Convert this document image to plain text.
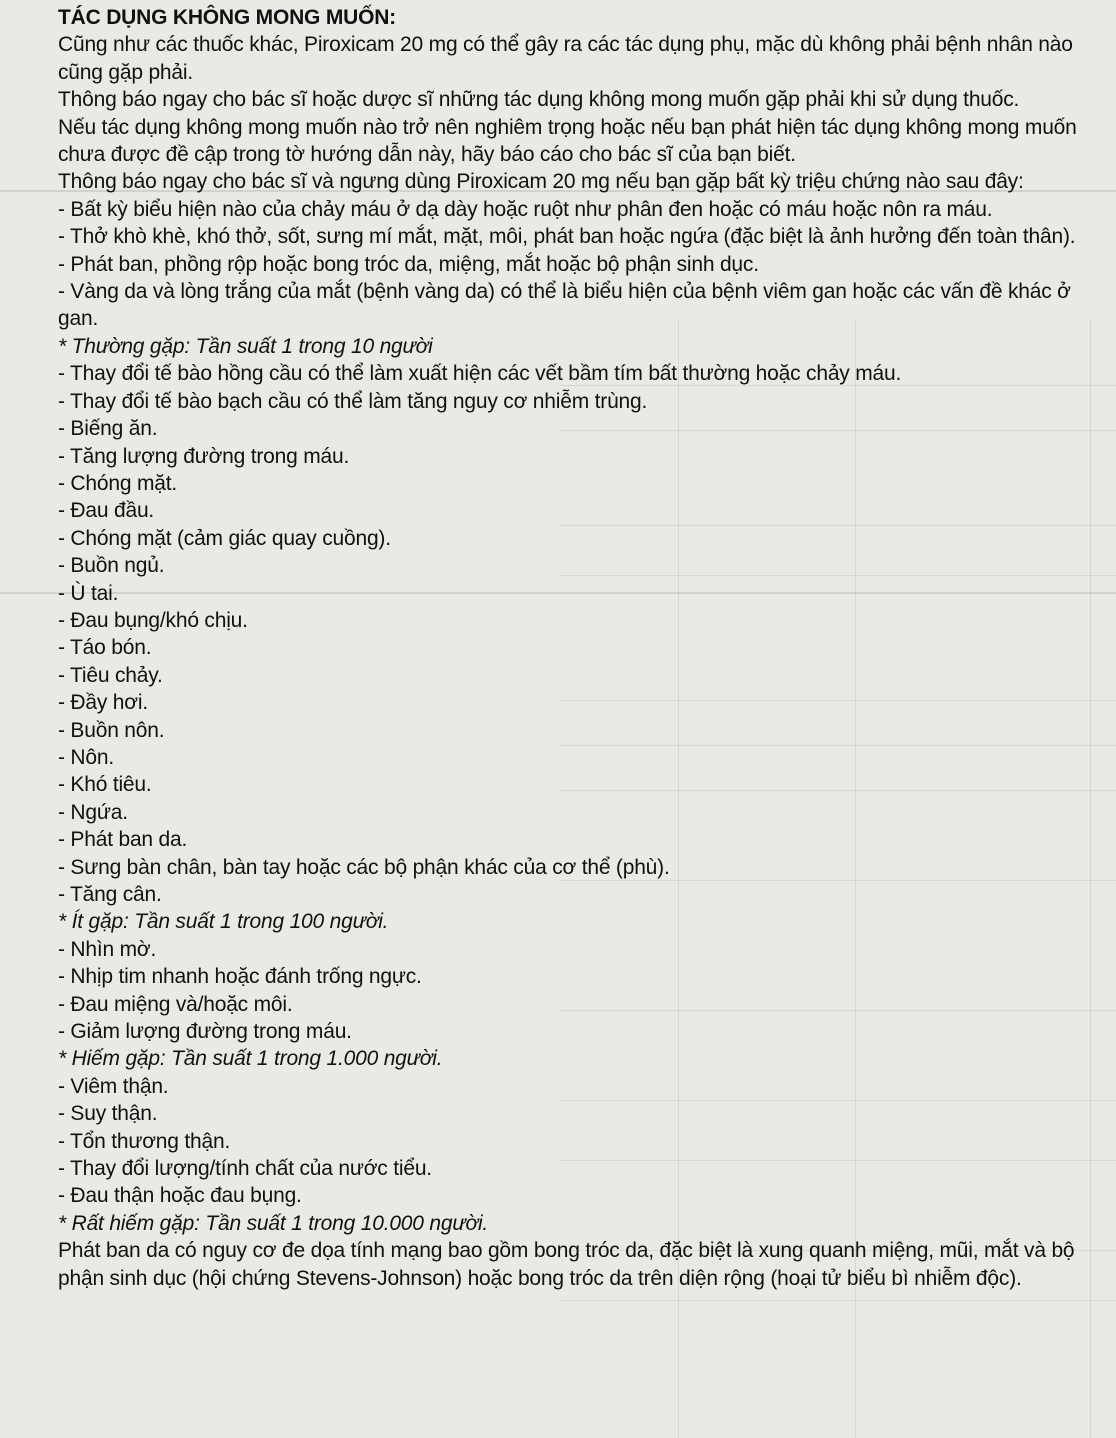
TÁC DỤNG KHÔNG MONG MUỐN:

Cũng như các thuốc khác, Piroxicam 20 mg có thể gây ra các tác dụng phụ, mặc dù không phải bệnh nhân nào cũng gặp phải.

Thông báo ngay cho bác sĩ hoặc dược sĩ những tác dụng không mong muốn gặp phải khi sử dụng thuốc.

Nếu tác dụng không mong muốn nào trở nên nghiêm trọng hoặc nếu bạn phát hiện tác dụng không mong muốn chưa được đề cập trong tờ hướng dẫn này, hãy báo cáo cho bác sĩ của bạn biết.

Thông báo ngay cho bác sĩ và ngưng dùng Piroxicam 20 mg nếu bạn gặp bất kỳ triệu chứng nào sau đây:

- Bất kỳ biểu hiện nào của chảy máu ở dạ dày hoặc ruột như phân đen hoặc có máu hoặc nôn ra máu.

- Thở khò khè, khó thở, sốt, sưng mí mắt, mặt, môi, phát ban hoặc ngứa (đặc biệt là ảnh hưởng đến toàn thân).

- Phát ban, phồng rộp hoặc bong tróc da, miệng, mắt hoặc bộ phận sinh dục.

- Vàng da và lòng trắng của mắt (bệnh vàng da) có thể là biểu hiện của bệnh viêm gan hoặc các vấn đề khác ở gan.

* Thường gặp: Tần suất 1 trong 10 người

- Thay đổi tế bào hồng cầu có thể làm xuất hiện các vết bầm tím bất thường hoặc chảy máu.

- Thay đổi tế bào bạch cầu có thể làm tăng nguy cơ nhiễm trùng.

- Biếng ăn.

- Tăng lượng đường trong máu.

- Chóng mặt.

- Đau đầu.

- Chóng mặt (cảm giác quay cuồng).

- Buồn ngủ.

- Ù tai.

- Đau bụng/khó chịu.

- Táo bón.

- Tiêu chảy.

- Đầy hơi.

- Buồn nôn.

- Nôn.

- Khó tiêu.

- Ngứa.

- Phát ban da.

- Sưng bàn chân, bàn tay hoặc các bộ phận khác của cơ thể (phù).

- Tăng cân.

* Ít gặp: Tần suất 1 trong 100 người.

- Nhìn mờ.

- Nhịp tim nhanh hoặc đánh trống ngực.

- Đau miệng và/hoặc môi.

- Giảm lượng đường trong máu.

* Hiếm gặp: Tần suất 1 trong 1.000 người.

- Viêm thận.

- Suy thận.

- Tổn thương thận.

- Thay đổi lượng/tính chất của nước tiểu.

- Đau thận hoặc đau bụng.

* Rất hiếm gặp: Tần suất 1 trong 10.000 người.

Phát ban da có nguy cơ đe dọa tính mạng bao gồm bong tróc da, đặc biệt là xung quanh miệng, mũi, mắt và bộ phận sinh dục (hội chứng Stevens-Johnson) hoặc bong tróc da trên diện rộng (hoại tử biểu bì nhiễm độc).
